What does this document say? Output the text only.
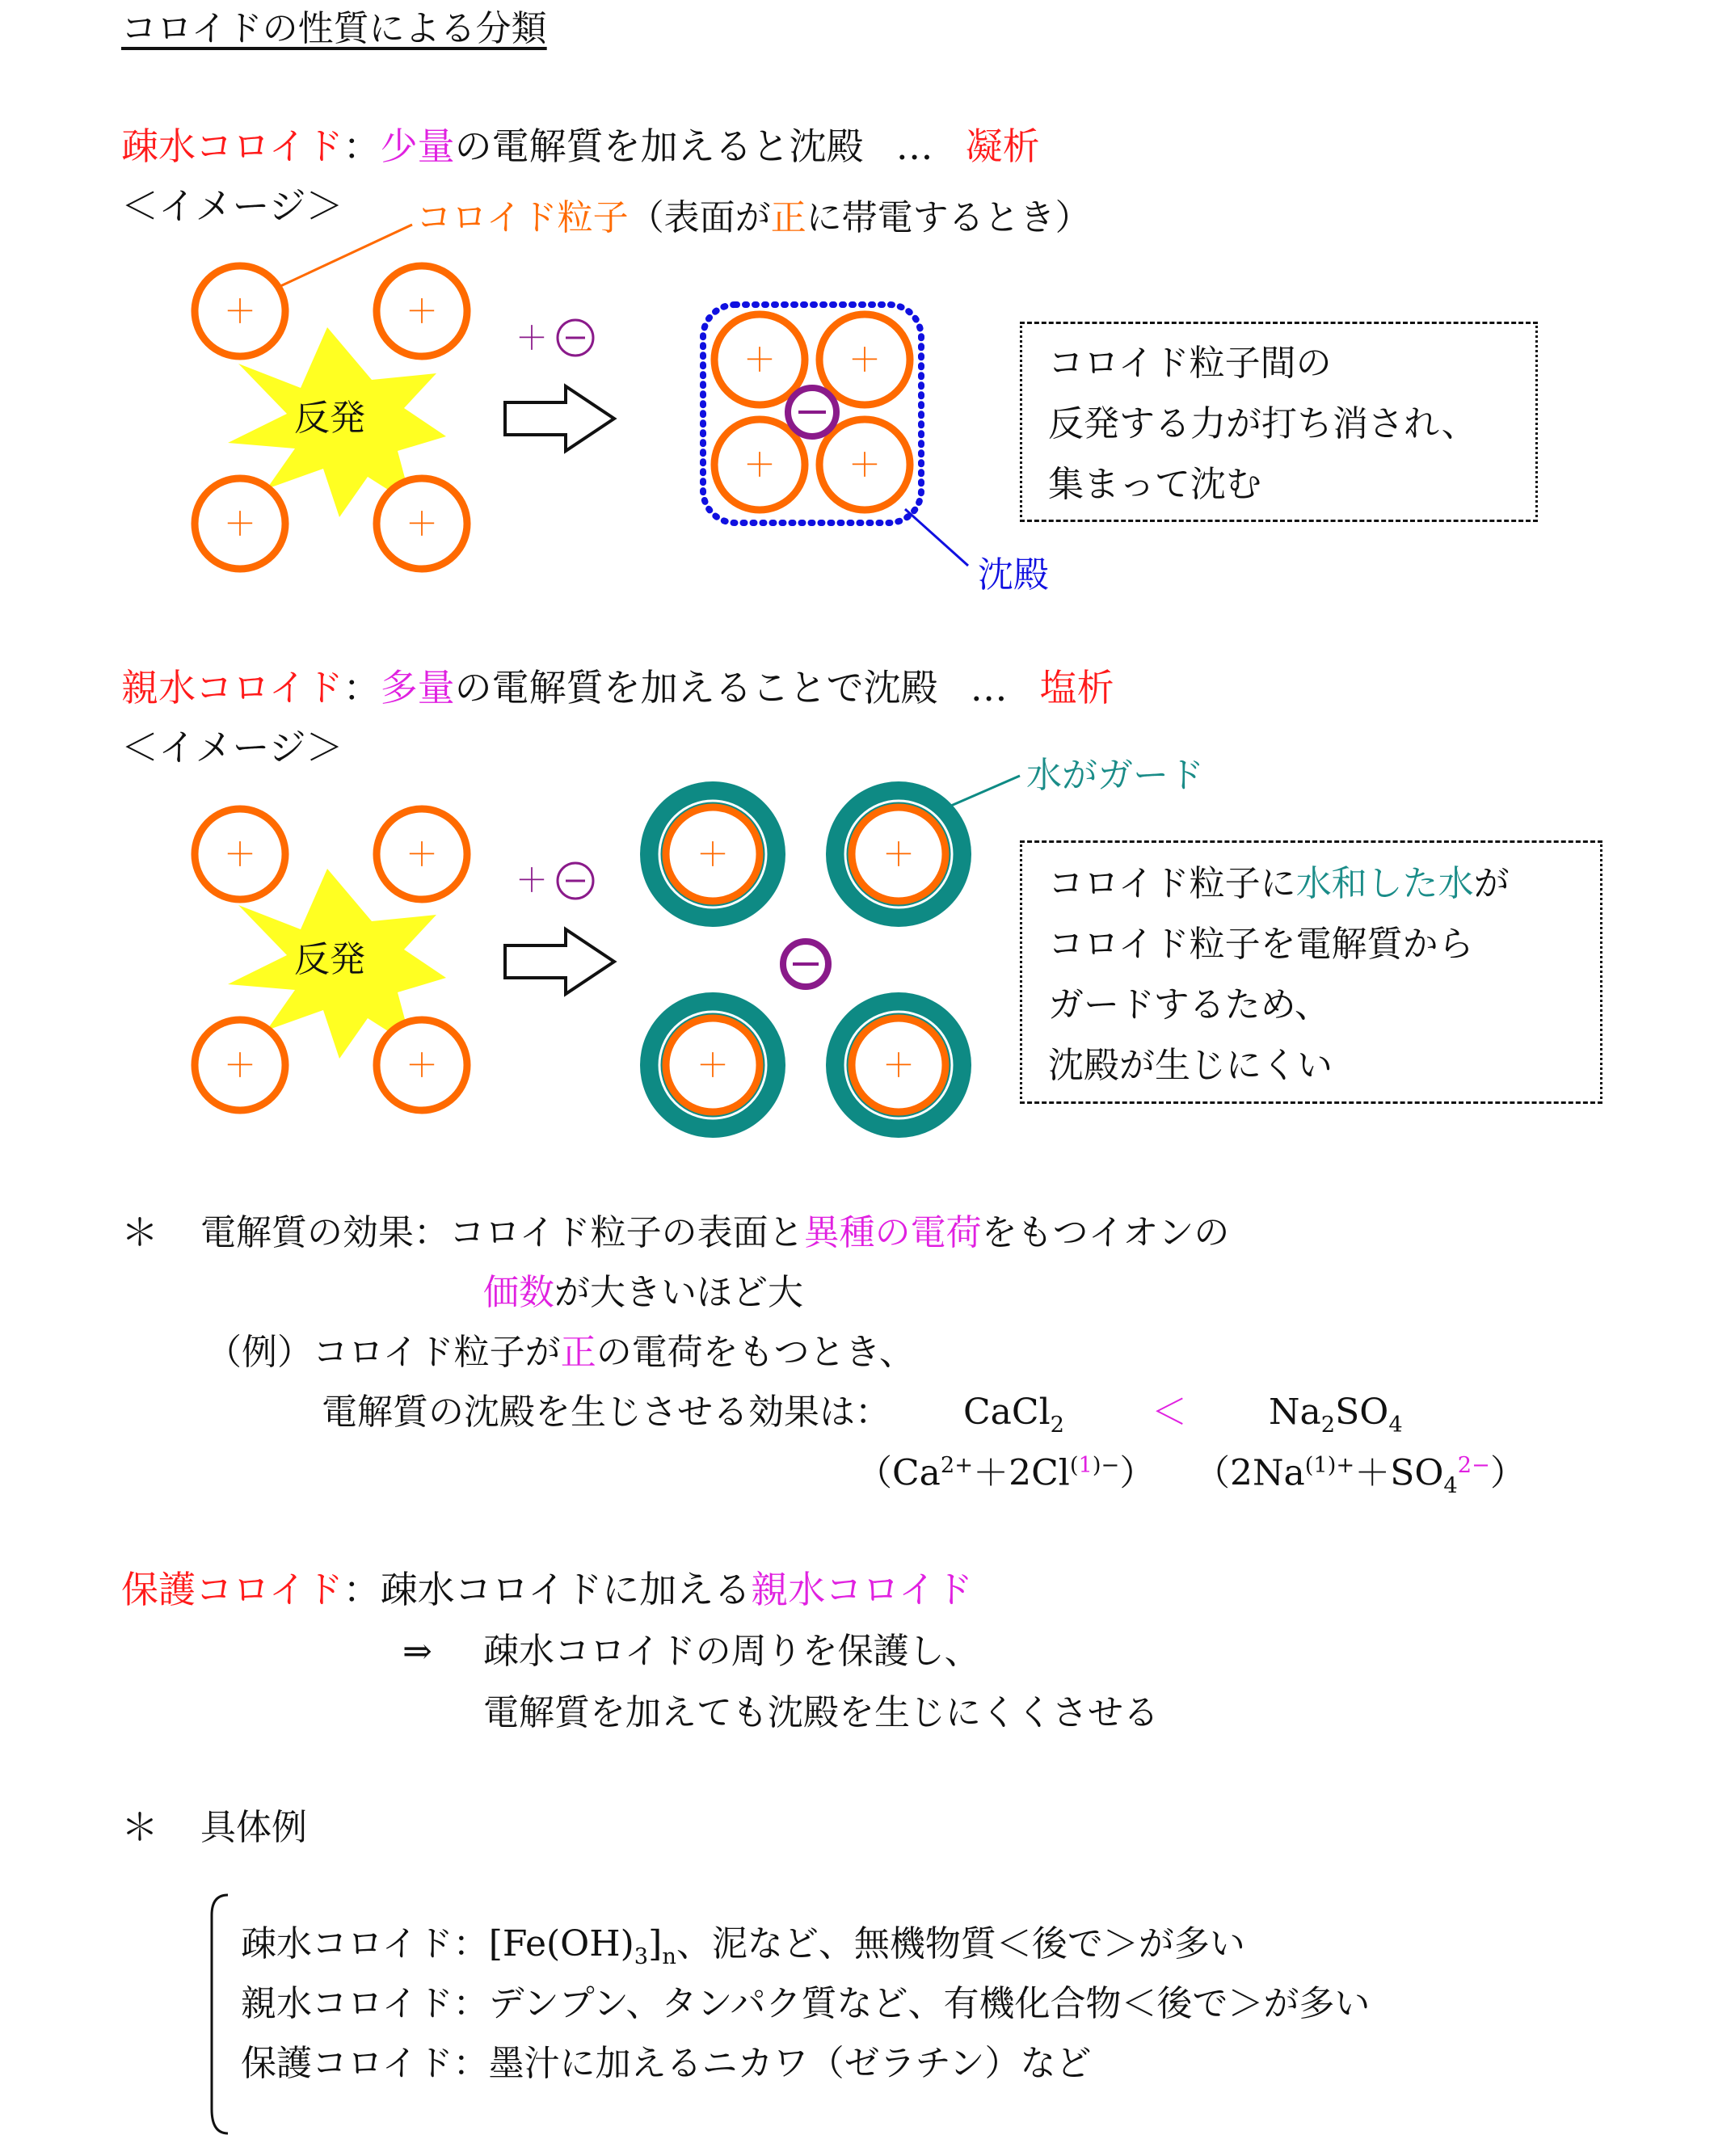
コロイドの性質による分類
疎水コロイド：少量の電解質を加えると沈殿 … 凝析
＜イメージ＞ コロイド粒子（表面が正に帯電するとき）
反発
＋
反発
＋
＋	＋
＋	＋
＋ ＋
＋ ＋
＋	＋
＋	＋
＋	＋
＋	＋
沈殿
コロイド粒子間の
反発する力が打ち消され、
集まって沈む
親水コロイド：多量の電解質を加えることで沈殿 … 塩析
＜イメージ＞
水がガード
コロイド粒子に水和した水が
コロイド粒子を電解質から
ガードするため、
沈殿が生じにくい
＊ 電解質の効果：コロイド粒子の表面と異種の電荷をもつイオンの
価数が大きいほど大
（例）コロイド粒子が正の電荷をもつとき、
電解質の沈殿を生じさせる効果は： CaCl$_2$ ＜ $Na_2SO_4$
$(Ca^{2+}+2Cl^{(1)-})$ $(2Na^{(1)+}+SO_4^{2-})$
保護コロイド：疎水コロイドに加える親水コロイド
⇒ 疎水コロイドの周りを保護し、
電解質を加えても沈殿を生じにくくさせる
＊ 具体例
疎水コロイド：$[Fe(OH)_3]_n$、泥など、無機物質＜後で＞が多い
親水コロイド：デンプン、タンパク質など、有機化合物＜後で＞が多い
保護コロイド：墨汁に加えるニカワ（ゼラチン）など
